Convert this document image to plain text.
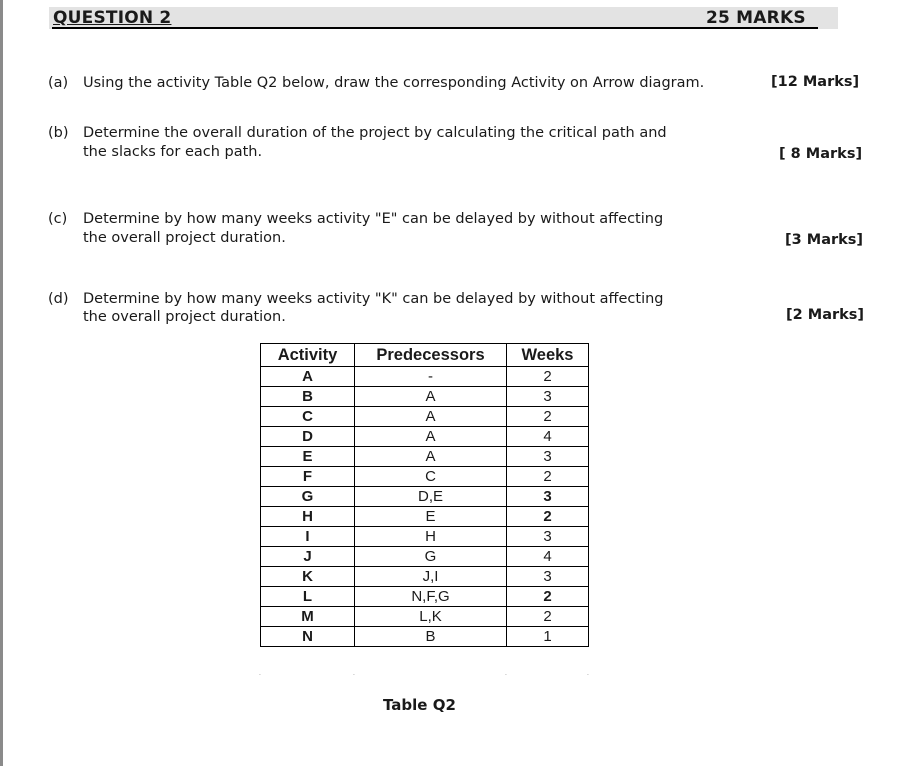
QUESTION 2	25 MARKS
(a) Using the activity Table Q2 below, draw the corresponding Activity on Arrow diagram.	[12 Marks]
(b) Determine the overall duration of the project by calculating the critical path and
the slacks for each path.	[ 8 Marks]
(c) Determine by how many weeks activity "E" can be delayed by without affecting
the overall project duration.	[3 Marks]
(d) Determine by how many weeks activity "K" can be delayed by without affecting
the overall project duration.	[2 Marks]
Activity	Predecessors	Weeks
A	-	2
B	A	3
C	A	2
D	A	4
E	A	3
F	C	2
G	D,E	3
H	E	2
I	H	3
J	G	4
K	J,I	3
L	N,F,G	2
M	L,K	2
N	B	1
·	·	·	·
Table Q2
